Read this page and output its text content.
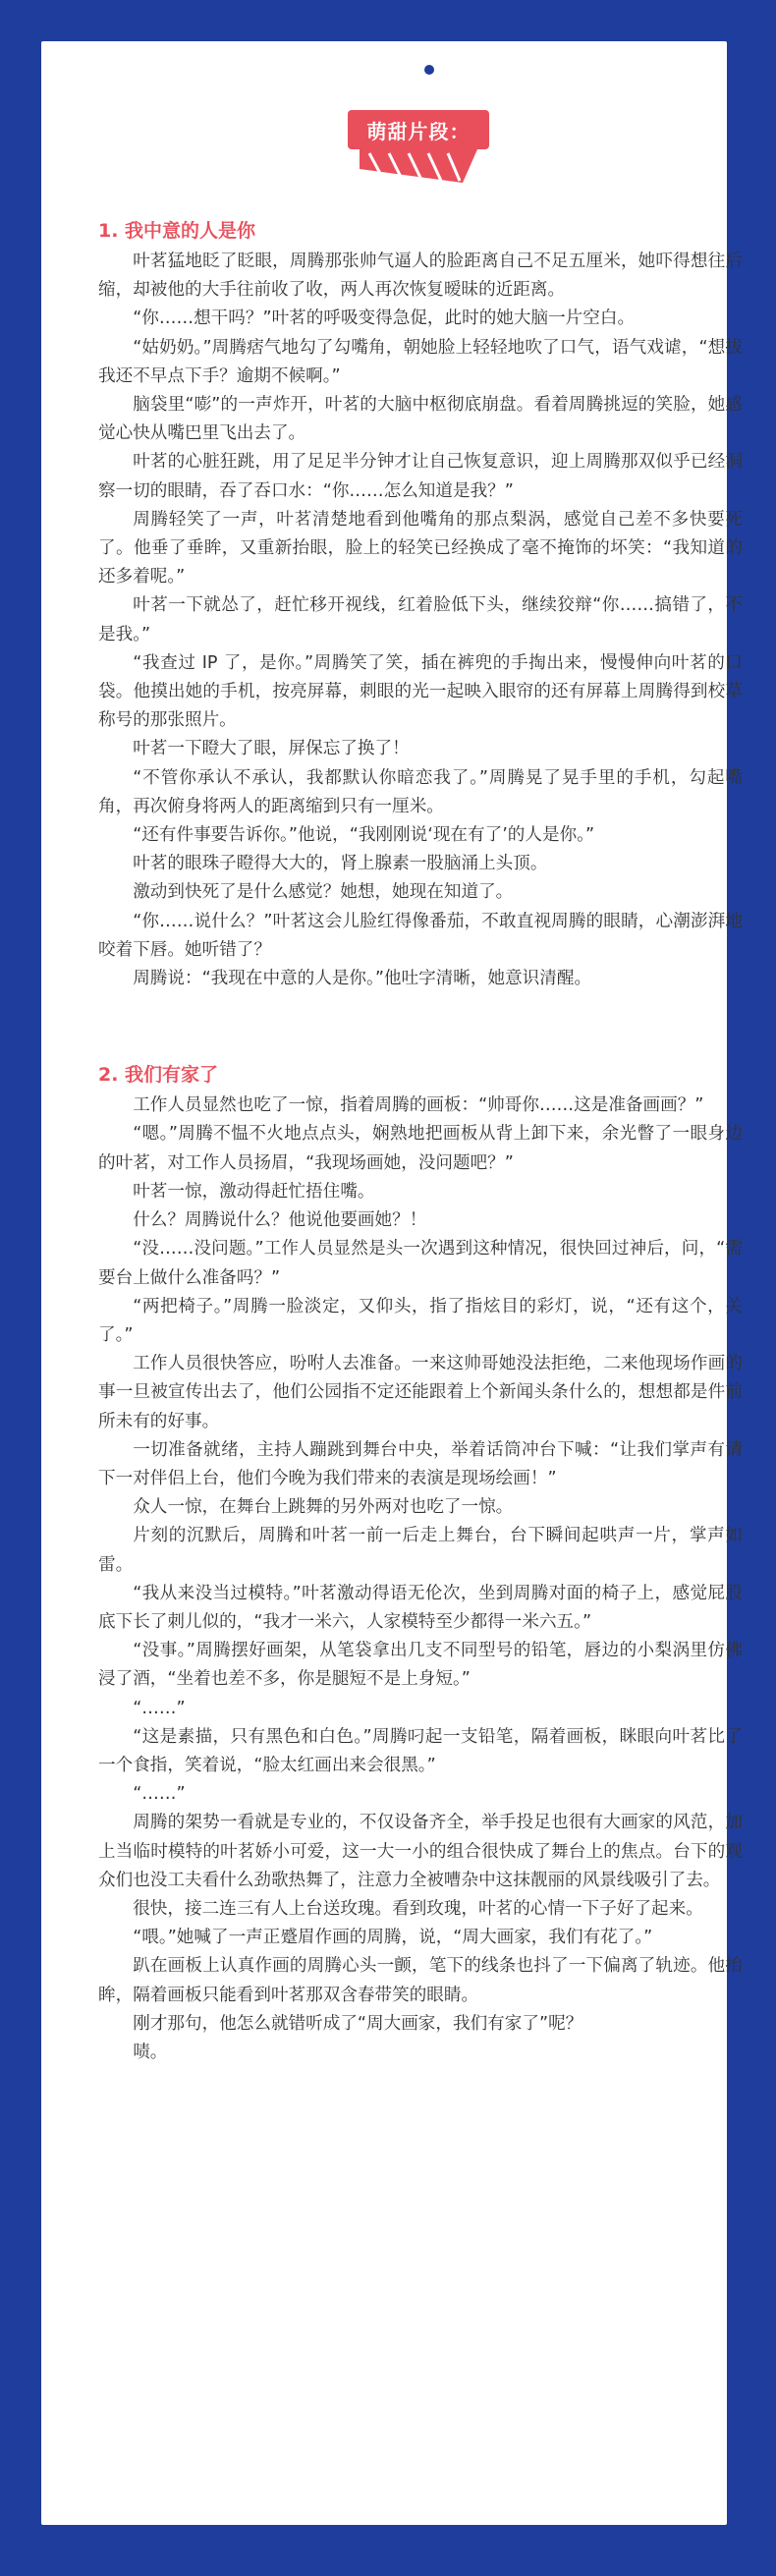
萌甜片段：
1. 我中意的人是你

叶茗猛地眨了眨眼，周腾那张帅气逼人的脸距离自己不足五厘米，她吓得想往后缩，却被他的大手往前收了收，两人再次恢复暧昧的近距离。

“你……想干吗？”叶茗的呼吸变得急促，此时的她大脑一片空白。

“姑奶奶。”周腾痞气地勾了勾嘴角，朝她脸上轻轻地吹了口气，语气戏谑，“想拔我还不早点下手？逾期不候啊。”

脑袋里“嘭”的一声炸开，叶茗的大脑中枢彻底崩盘。看着周腾挑逗的笑脸，她感觉心快从嘴巴里飞出去了。

叶茗的心脏狂跳，用了足足半分钟才让自己恢复意识，迎上周腾那双似乎已经洞察一切的眼睛，吞了吞口水：“你……怎么知道是我？”

周腾轻笑了一声，叶茗清楚地看到他嘴角的那点梨涡，感觉自己差不多快要死了。他垂了垂眸，又重新抬眼，脸上的轻笑已经换成了毫不掩饰的坏笑：“我知道的还多着呢。”

叶茗一下就怂了，赶忙移开视线，红着脸低下头，继续狡辩“你……搞错了，不是我。”

“我查过 IP 了，是你。”周腾笑了笑，插在裤兜的手掏出来，慢慢伸向叶茗的口袋。他摸出她的手机，按亮屏幕，刺眼的光一起映入眼帘的还有屏幕上周腾得到校草称号的那张照片。

叶茗一下瞪大了眼，屏保忘了换了！

“不管你承认不承认，我都默认你暗恋我了。”周腾晃了晃手里的手机，勾起嘴角，再次俯身将两人的距离缩到只有一厘米。

“还有件事要告诉你。”他说，“我刚刚说‘现在有了’的人是你。”

叶茗的眼珠子瞪得大大的，肾上腺素一股脑涌上头顶。

激动到快死了是什么感觉？她想，她现在知道了。

“你……说什么？”叶茗这会儿脸红得像番茄，不敢直视周腾的眼睛，心潮澎湃地咬着下唇。她听错了？

周腾说：“我现在中意的人是你。”他吐字清晰，她意识清醒。

2. 我们有家了

工作人员显然也吃了一惊，指着周腾的画板：“帅哥你……这是准备画画？”

“嗯。”周腾不愠不火地点点头，娴熟地把画板从背上卸下来，余光瞥了一眼身边的叶茗，对工作人员扬眉，“我现场画她，没问题吧？”

叶茗一惊，激动得赶忙捂住嘴。

什么？周腾说什么？他说他要画她？！

“没……没问题。”工作人员显然是头一次遇到这种情况，很快回过神后，问，“需要台上做什么准备吗？”

“两把椅子。”周腾一脸淡定，又仰头，指了指炫目的彩灯，说，“还有这个，关了。”

工作人员很快答应，吩咐人去准备。一来这帅哥她没法拒绝，二来他现场作画的事一旦被宣传出去了，他们公园指不定还能跟着上个新闻头条什么的，想想都是件前所未有的好事。

一切准备就绪，主持人蹦跳到舞台中央，举着话筒冲台下喊：“让我们掌声有请下一对伴侣上台，他们今晚为我们带来的表演是现场绘画！”

众人一惊，在舞台上跳舞的另外两对也吃了一惊。

片刻的沉默后，周腾和叶茗一前一后走上舞台，台下瞬间起哄声一片，掌声如雷。

“我从来没当过模特。”叶茗激动得语无伦次，坐到周腾对面的椅子上，感觉屁股底下长了刺儿似的，“我才一米六，人家模特至少都得一米六五。”

“没事。”周腾摆好画架，从笔袋拿出几支不同型号的铅笔，唇边的小梨涡里仿佛浸了酒，“坐着也差不多，你是腿短不是上身短。”

“……”

“这是素描，只有黑色和白色。”周腾叼起一支铅笔，隔着画板，眯眼向叶茗比了一个食指，笑着说，“脸太红画出来会很黑。”

“……”

周腾的架势一看就是专业的，不仅设备齐全，举手投足也很有大画家的风范，加上当临时模特的叶茗娇小可爱，这一大一小的组合很快成了舞台上的焦点。台下的观众们也没工夫看什么劲歌热舞了，注意力全被嘈杂中这抹靓丽的风景线吸引了去。

很快，接二连三有人上台送玫瑰。看到玫瑰，叶茗的心情一下子好了起来。

“喂。”她喊了一声正蹙眉作画的周腾，说，“周大画家，我们有花了。”

趴在画板上认真作画的周腾心头一颤，笔下的线条也抖了一下偏离了轨迹。他抬眸，隔着画板只能看到叶茗那双含春带笑的眼睛。

刚才那句，他怎么就错听成了“周大画家，我们有家了”呢？

啧。
